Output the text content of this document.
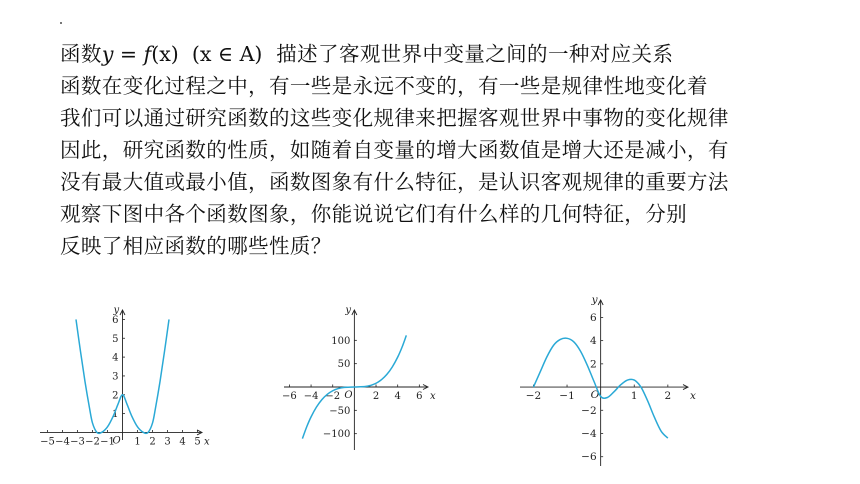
函数y = f(x) (x ∈ A) 描述了客观世界中变量之间的一种对应关系
函数在变化过程之中，有一些是永远不变的，有一些是规律性地变化着
我们可以通过研究函数的这些变化规律来把握客观世界中事物的变化规律
因此，研究函数的性质，如随着自变量的增大函数值是增大还是减小，有
没有最大值或最小值，函数图象有什么特征，是认识客观规律的重要方法
观察下图中各个函数图象，你能说说它们有什么样的几何特征，分别
反映了相应函数的哪些性质？
x
y
O
−5 −4 −3 −2 −1 1 2 3 4 5
1
2
3
4
5
6
x
y
O
−6 −4 −2	2 4 6
100
50
−50
−100
x
y
O
−2 −1	1	2
6
4
2
−2
−4
−6
